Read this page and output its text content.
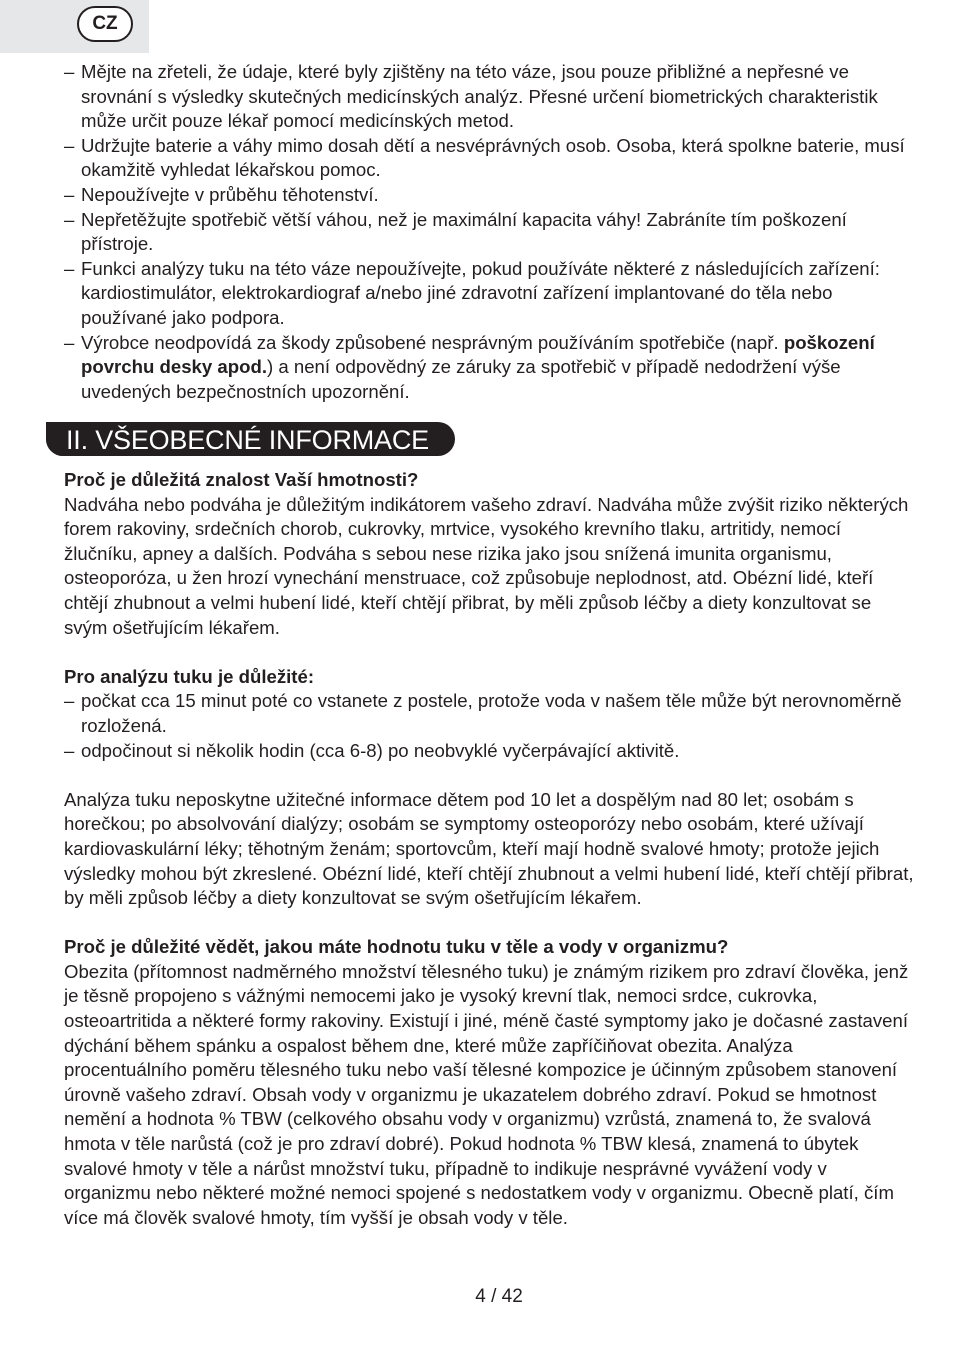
CZ
– Mějte na zřeteli, že údaje, které byly zjištěny na této váze, jsou pouze přibližné a nepřesné ve srovnání s výsledky skutečných medicínských analýz. Přesné určení biometrických charakteristik může určit pouze lékař pomocí medicínských metod.
– Udržujte baterie a váhy mimo dosah dětí a nesvéprávných osob. Osoba, která spolkne baterie, musí okamžitě vyhledat lékařskou pomoc.
– Nepoužívejte v průběhu těhotenství.
– Nepřetěžujte spotřebič větší váhou, než je maximální kapacita váhy! Zabráníte tím poškození přístroje.
– Funkci analýzy tuku na této váze nepoužívejte, pokud používáte některé z následujících zařízení: kardiostimulátor, elektrokardiograf a/nebo jiné zdravotní zařízení implantované do těla nebo používané jako podpora.
– Výrobce neodpovídá za škody způsobené nesprávným používáním spotřebiče (např. poškození povrchu desky apod.) a není odpovědný ze záruky za spotřebič v případě nedodržení výše uvedených bezpečnostních upozornění.
II. VŠEOBECNÉ INFORMACE
Proč je důležitá znalost Vaší hmotnosti?

Nadváha nebo podváha je důležitým indikátorem vašeho zdraví. Nadváha může zvýšit riziko některých forem rakoviny, srdečních chorob, cukrovky, mrtvice, vysokého krevního tlaku, artritidy, nemocí žlučníku, apney a dalších. Podváha s sebou nese rizika jako jsou snížená imunita organismu, osteoporóza, u žen hrozí vynechání menstruace, což způsobuje neplodnost, atd. Obézní lidé, kteří chtějí zhubnout a velmi hubení lidé, kteří chtějí přibrat, by měli způsob léčby a diety konzultovat se svým ošetřujícím lékařem.

Pro analýzu tuku je důležité:
– počkat cca 15 minut poté co vstanete z postele, protože voda v našem těle může být nerovnoměrně rozložená.
– odpočinout si několik hodin (cca 6-8) po neobvyklé vyčerpávající aktivitě.

Analýza tuku neposkytne užitečné informace dětem pod 10 let a dospělým nad 80 let; osobám s horečkou; po absolvování dialýzy; osobám se symptomy osteoporózy nebo osobám, které užívají kardiovaskulární léky; těhotným ženám; sportovcům, kteří mají hodně svalové hmoty; protože jejich výsledky mohou být zkreslené. Obézní lidé, kteří chtějí zhubnout a velmi hubení lidé, kteří chtějí přibrat, by měli způsob léčby a diety konzultovat se svým ošetřujícím lékařem.

Proč je důležité vědět, jakou máte hodnotu tuku v těle a vody v organizmu?

Obezita (přítomnost nadměrného množství tělesného tuku) je známým rizikem pro zdraví člověka, jenž je těsně propojeno s vážnými nemocemi jako je vysoký krevní tlak, nemoci srdce, cukrovka, osteoartritida a některé formy rakoviny. Existují i jiné, méně časté symptomy jako je dočasné zastavení dýchání během spánku a ospalost během dne, které může zapříčiňovat obezita. Analýza procentuálního poměru tělesného tuku nebo vaší tělesné kompozice je účinným způsobem stanovení úrovně vašeho zdraví. Obsah vody v organizmu je ukazatelem dobrého zdraví. Pokud se hmotnost nemění a hodnota % TBW (celkového obsahu vody v organizmu) vzrůstá, znamená to, že svalová hmota v těle narůstá (což je pro zdraví dobré). Pokud hodnota % TBW klesá, znamená to úbytek svalové hmoty v těle a nárůst množství tuku, případně to indikuje nesprávné vyvážení vody v organizmu nebo některé možné nemoci spojené s nedostatkem vody v organizmu. Obecně platí, čím více má člověk svalové hmoty, tím vyšší je obsah vody v těle.

4 / 42
